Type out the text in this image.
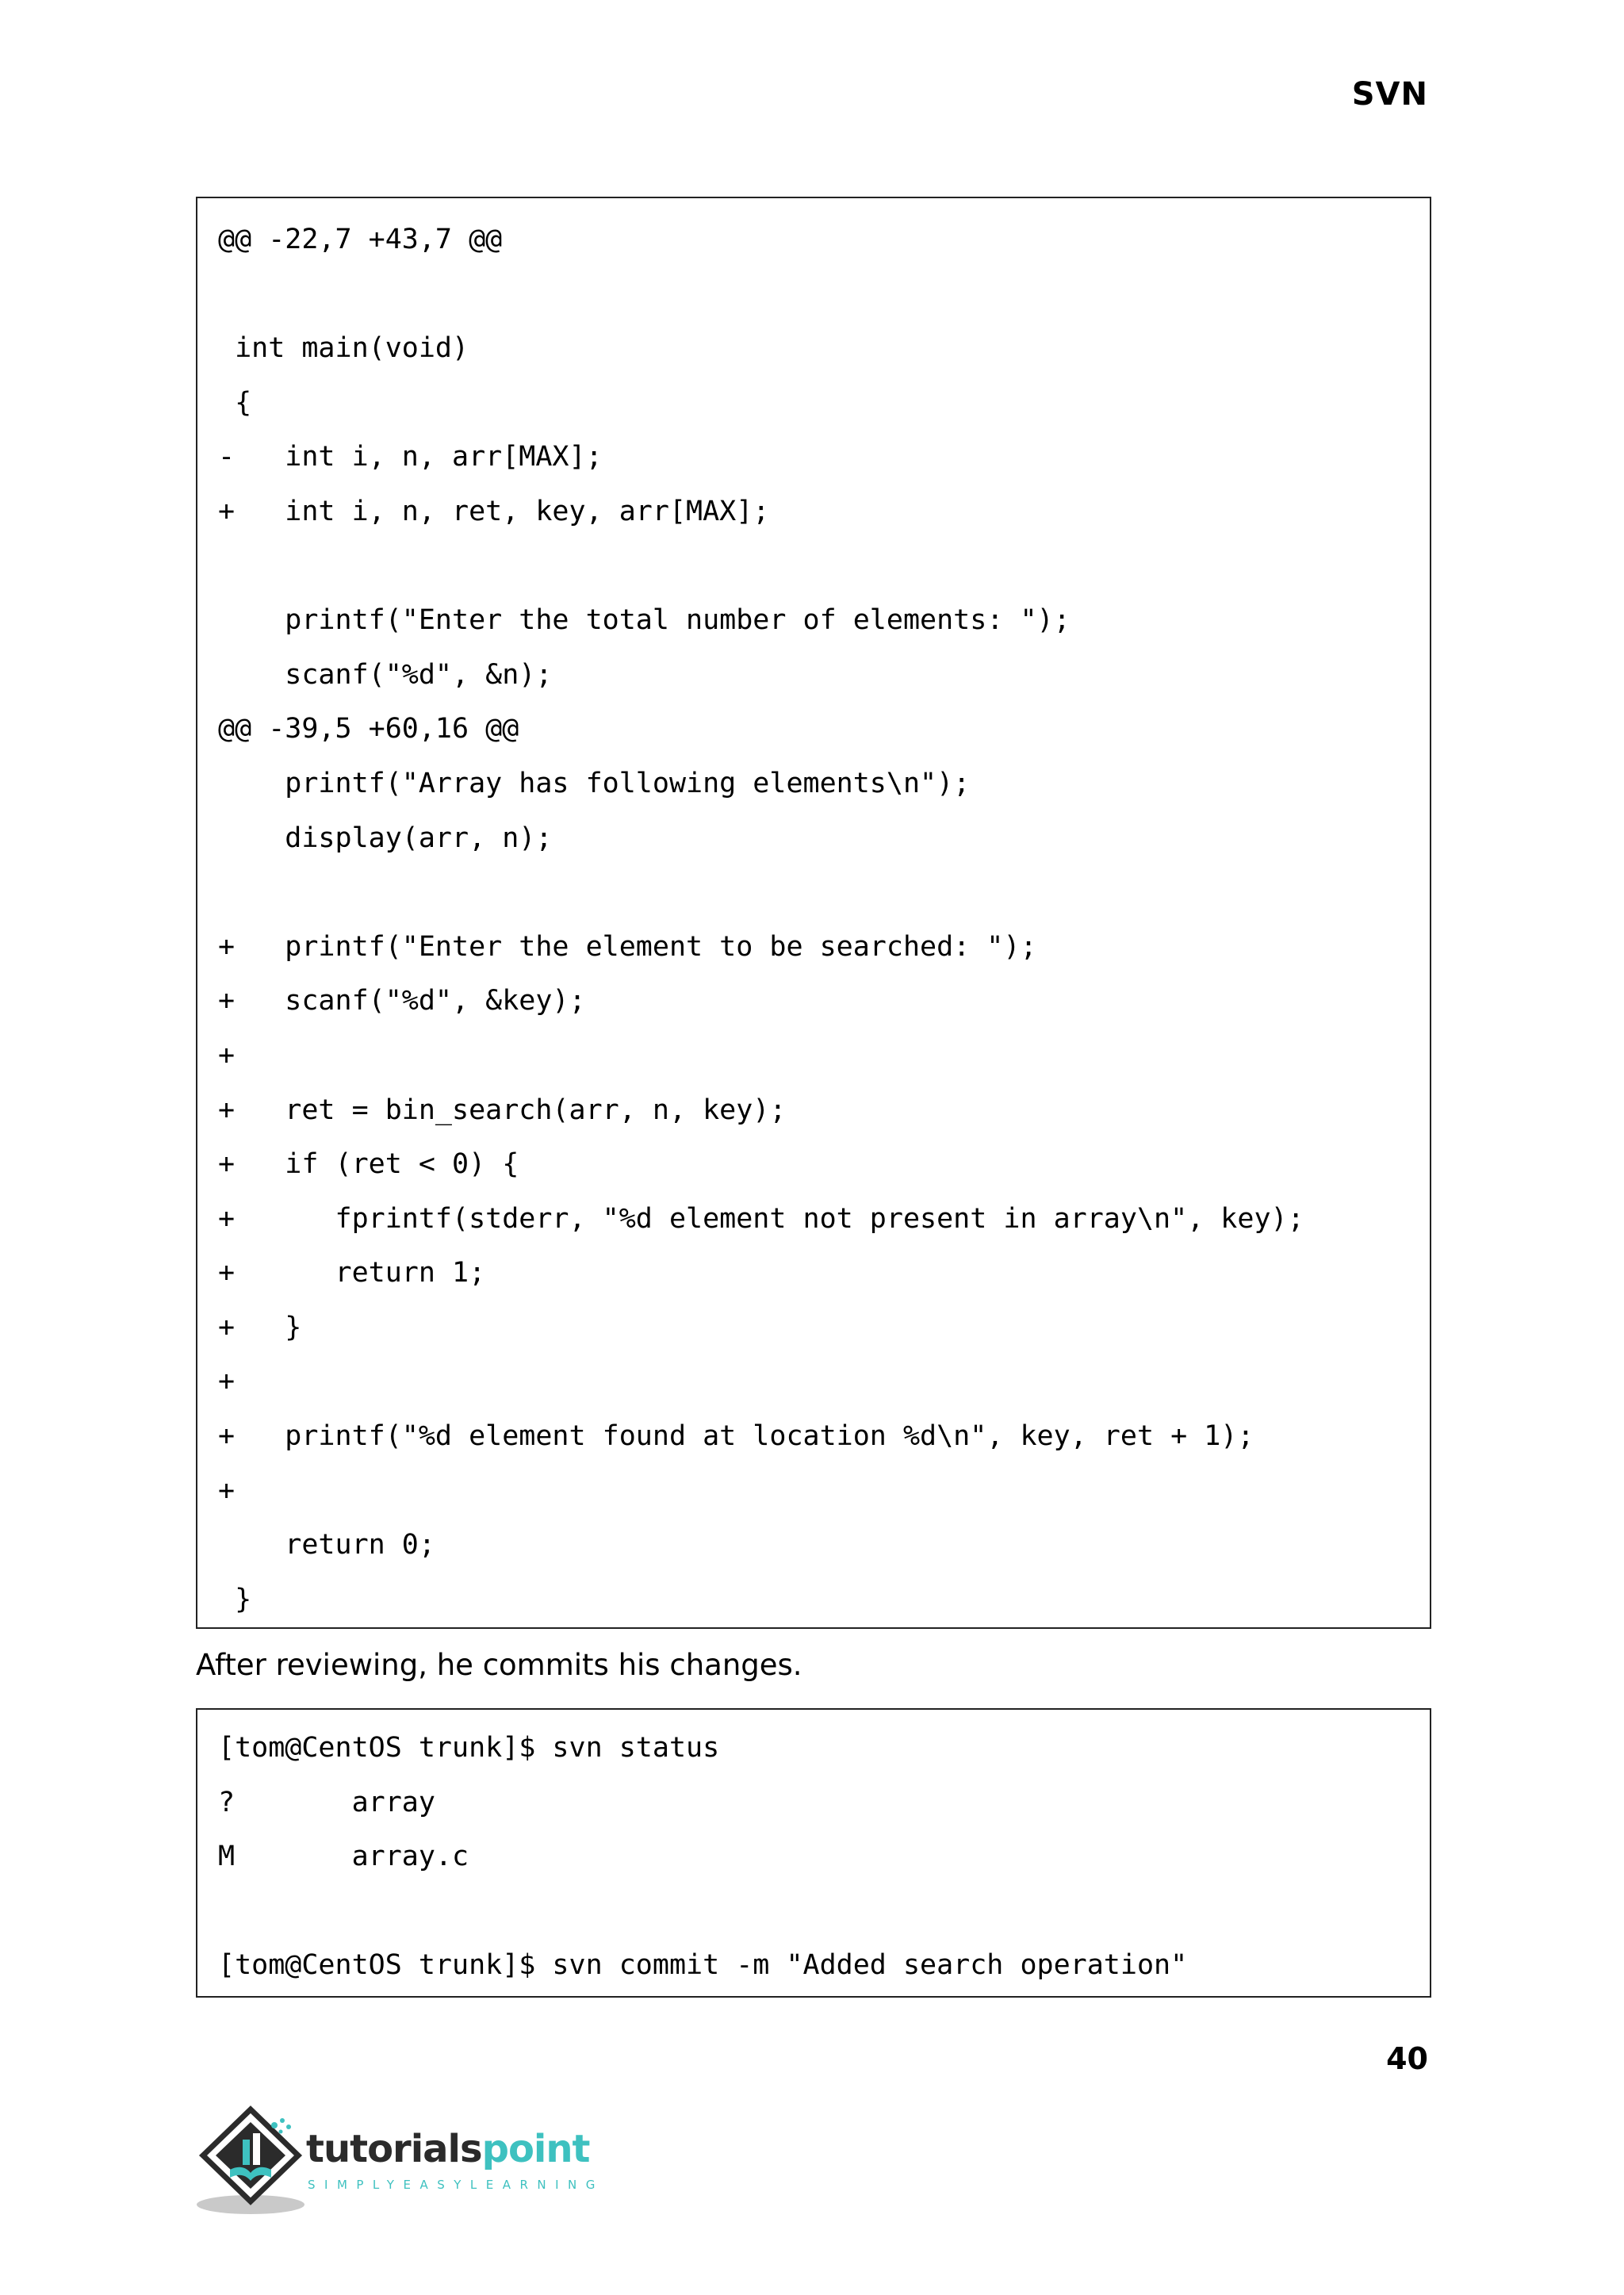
SVN
@@ -22,7 +43,7 @@
int main(void)
{
-   int i, n, arr[MAX];
+   int i, n, ret, key, arr[MAX];
printf("Enter the total number of elements: ");
scanf("%d", &n);
@@ -39,5 +60,16 @@
printf("Array has following elements\n");
display(arr, n);
+   printf("Enter the element to be searched: ");
+   scanf("%d", &key);
+
+   ret = bin_search(arr, n, key);
+   if (ret < 0) {
+      fprintf(stderr, "%d element not present in array\n", key);
+      return 1;
+   }
+
+   printf("%d element found at location %d\n", key, ret + 1);
+
return 0;
}
After reviewing, he commits his changes.
[tom@CentOS trunk]$ svn status
?       array
M       array.c
[tom@CentOS trunk]$ svn commit -m "Added search operation"
40
tutorialspoint
SIMPLYEASYLEARNING
